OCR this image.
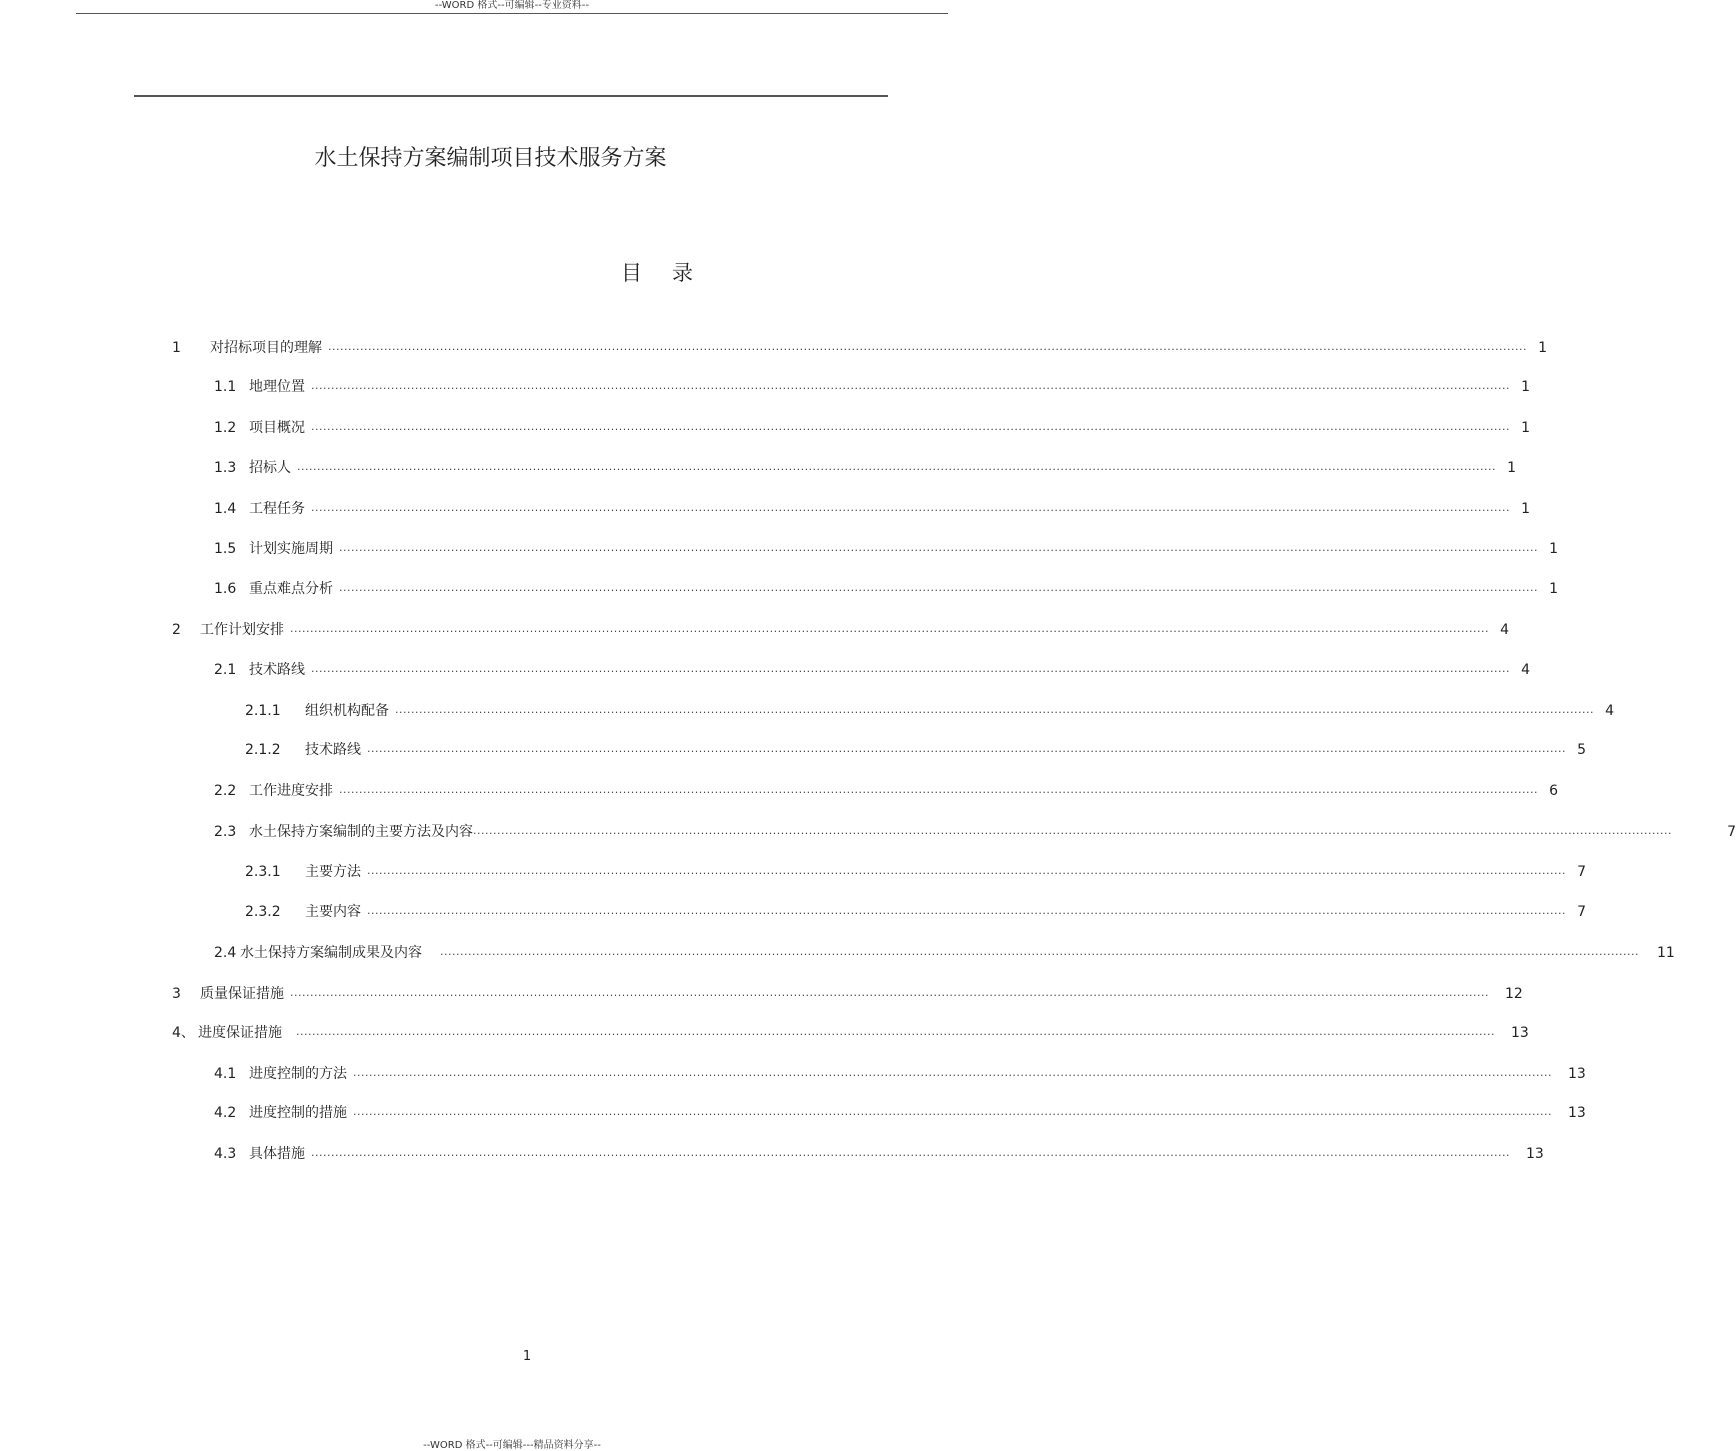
--WORD 格式--可编辑--专业资料--
水土保持方案编制项目技术服务方案
目 录
1	对招标项目的理解 ............................................................................................................................................................................................................................................................................................................ 1
1.1 地理位置 ............................................................................................................................................................................................................................................................................................................ 1
1.2 项目概况 ............................................................................................................................................................................................................................................................................................................ 1
1.3 招标人 ............................................................................................................................................................................................................................................................................................................ 1
1.4 工程任务 ............................................................................................................................................................................................................................................................................................................ 1
1.5 计划实施周期 ............................................................................................................................................................................................................................................................................................................ 1
1.6 重点难点分析 ............................................................................................................................................................................................................................................................................................................ 1
2	工作计划安排 ............................................................................................................................................................................................................................................................................................................ 4
2.1 技术路线 ............................................................................................................................................................................................................................................................................................................ 4
2.1.1	组织机构配备 ............................................................................................................................................................................................................................................................................................................ 4
2.1.2	技术路线 ............................................................................................................................................................................................................................................................................................................ 5
2.2 工作进度安排 ............................................................................................................................................................................................................................................................................................................ 6
2.3 水土保持方案编制的主要方法及内容 ............................................................................................................................................................................................................................................................................................................	7
2.3.1	主要方法 ............................................................................................................................................................................................................................................................................................................ 7
2.3.2	主要内容 ............................................................................................................................................................................................................................................................................................................ 7
2.4 水土保持方案编制成果及内容 ............................................................................................................................................................................................................................................................................................................ 11
3	质量保证措施 ............................................................................................................................................................................................................................................................................................................ 12
4、 进度保证措施 ............................................................................................................................................................................................................................................................................................................ 13
4.1 进度控制的方法 ............................................................................................................................................................................................................................................................................................................ 13
4.2 进度控制的措施 ............................................................................................................................................................................................................................................................................................................ 13
4.3 具体措施 ............................................................................................................................................................................................................................................................................................................ 13
1
--WORD 格式--可编辑---精品资料分享--
